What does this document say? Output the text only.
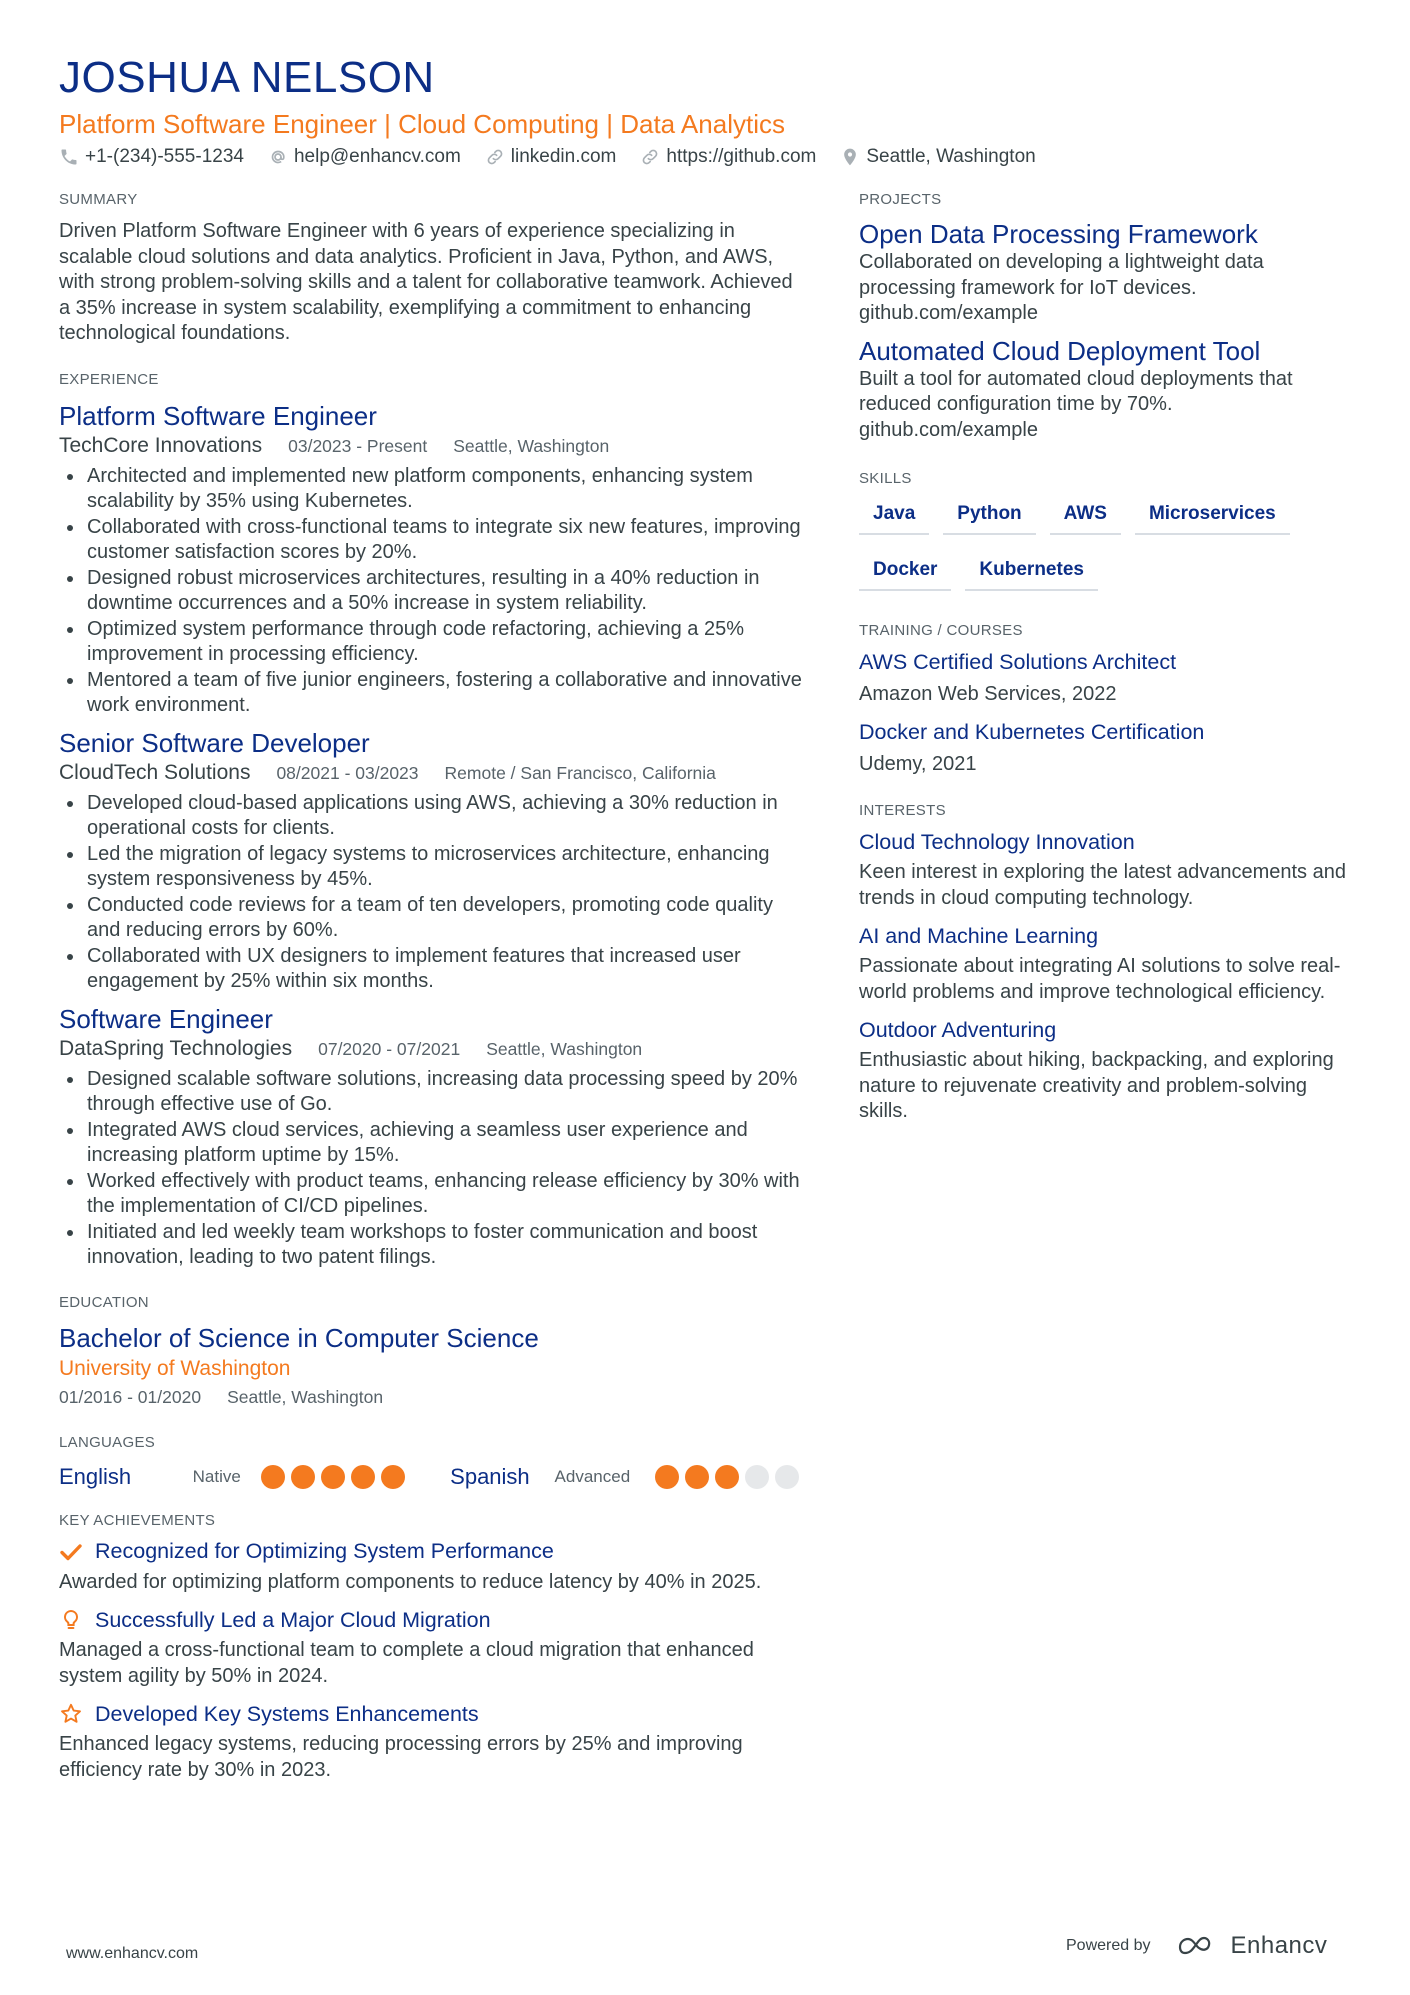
JOSHUA NELSON
Platform Software Engineer | Cloud Computing | Data Analytics
+1-(234)-555-1234	help@enhancv.com	linkedin.com	https://github.com	Seattle, Washington
SUMMARY

Driven Platform Software Engineer with 6 years of experience specializing in scalable cloud solutions and data analytics. Proficient in Java, Python, and AWS, with strong problem-solving skills and a talent for collaborative teamwork. Achieved a 35% increase in system scalability, exemplifying a commitment to enhancing technological foundations.

EXPERIENCE
Platform Software Engineer
TechCore Innovations 03/2023 - Present Seattle, Washington
Architected and implemented new platform components, enhancing system scalability by 35% using Kubernetes.
Collaborated with cross-functional teams to integrate six new features, improving customer satisfaction scores by 20%.
Designed robust microservices architectures, resulting in a 40% reduction in downtime occurrences and a 50% increase in system reliability.
Optimized system performance through code refactoring, achieving a 25% improvement in processing efficiency.
Mentored a team of five junior engineers, fostering a collaborative and innovative work environment.
Senior Software Developer
CloudTech Solutions 08/2021 - 03/2023 Remote / San Francisco, California
Developed cloud-based applications using AWS, achieving a 30% reduction in operational costs for clients.
Led the migration of legacy systems to microservices architecture, enhancing system responsiveness by 45%.
Conducted code reviews for a team of ten developers, promoting code quality and reducing errors by 60%.
Collaborated with UX designers to implement features that increased user engagement by 25% within six months.
Software Engineer
DataSpring Technologies 07/2020 - 07/2021 Seattle, Washington
Designed scalable software solutions, increasing data processing speed by 20% through effective use of Go.
Integrated AWS cloud services, achieving a seamless user experience and increasing platform uptime by 15%.
Worked effectively with product teams, enhancing release efficiency by 30% with the implementation of CI/CD pipelines.
Initiated and led weekly team workshops to foster communication and boost innovation, leading to two patent filings.
EDUCATION
Bachelor of Science in Computer Science
University of Washington
01/2016 - 01/2020 Seattle, Washington
LANGUAGES
English	Native	Spanish	Advanced
KEY ACHIEVEMENTS
Recognized for Optimizing System Performance

Awarded for optimizing platform components to reduce latency by 40% in 2025.

Successfully Led a Major Cloud Migration

Managed a cross-functional team to complete a cloud migration that enhanced system agility by 50% in 2024.

Developed Key Systems Enhancements

Enhanced legacy systems, reducing processing errors by 25% and improving efficiency rate by 30% in 2023.

PROJECTS
Open Data Processing Framework

Collaborated on developing a lightweight data processing framework for IoT devices.

github.com/example

Automated Cloud Deployment Tool

Built a tool for automated cloud deployments that reduced configuration time by 70%.

github.com/example

SKILLS
Java	Python	AWS	Microservices
Docker	Kubernetes
TRAINING / COURSES
AWS Certified Solutions Architect

Amazon Web Services, 2022

Docker and Kubernetes Certification

Udemy, 2021

INTERESTS
Cloud Technology Innovation

Keen interest in exploring the latest advancements and trends in cloud computing technology.

AI and Machine Learning

Passionate about integrating AI solutions to solve real-world problems and improve technological efficiency.

Outdoor Adventuring

Enthusiastic about hiking, backpacking, and exploring nature to rejuvenate creativity and problem-solving skills.

www.enhancv.com	Powered by	Enhancv
